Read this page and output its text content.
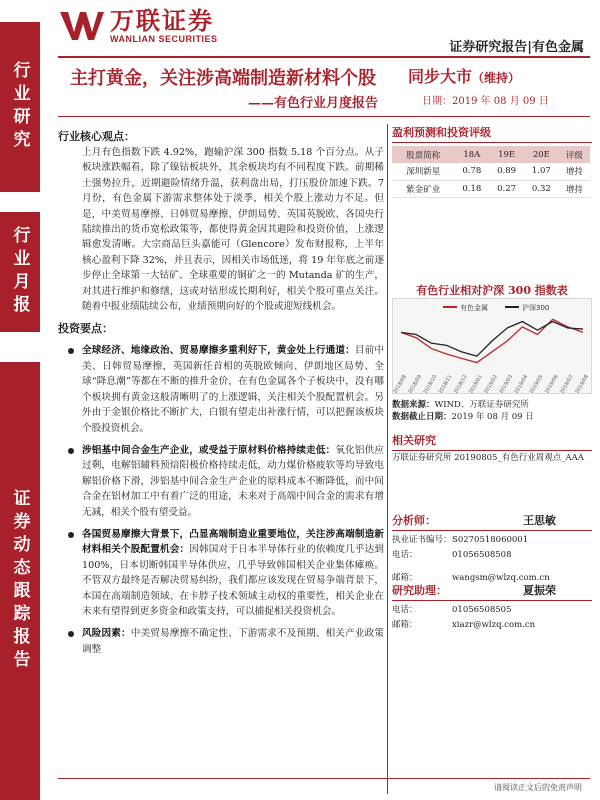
万联证券
WANLIAN SECURITIES
证券研究报告|有色金属
行业研究
行业月报
证券动态跟踪报告
主打黄金，关注涉高端制造新材料个股
——有色行业月度报告
同步大市（维持）
日期：2019 年 08 月 09 日
行业核心观点：
上月有色指数下跌 4.92%，跑输沪深 300 指数 5.18 个百分点。从子板块涨跌幅看，除了镍钴板块外，其余板块均有不同程度下跌。前期稀土强势拉升，近期避险情绪升温，获利盘出局，打压股价加速下跌。7 月份，有色金属下游需求整体处于淡季，相关个股上涨动力不足。但是，中美贸易摩擦、日韩贸易摩擦、伊朗局势、英国英脱欧、各国央行陆续推出的货币宽松政策等，都使得黄金因其避险和投资价值，上涨逻辑愈发清晰。大宗商品巨头嘉能可（Glencore）发布财报称，上半年核心盈利下降 32%，并且表示，因相关市场低迷，将 19 年年底之前逐步停止全球第一大钴矿、全球重要的铜矿之一的 Mutanda 矿的生产，对其进行维护和修缮，这或对钴形成长期利好，相关个股可重点关注。随着中报业绩陆续公布，业绩预期向好的个股或迎短线机会。
投资要点：
全球经济、地缘政治、贸易摩擦多重利好下，黄金处上行通道：目前中美、日韩贸易摩擦，英国新任首相的英脱欧倾向、伊朗地区局势、全球“降息潮”等都在不断的推升金价，在有色金属各个子板块中，没有哪个板块拥有黄金这般清晰明了的上涨逻辑，关注相关个股配置机会。另外由于金银价格比不断扩大，白银有望走出补涨行情，可以把握该板块个股投资机会。
涉铝基中间合金生产企业，或受益于原材料价格持续走低：氧化铝供应过剩，电解铝辅料预焙阳极价格持续走低，动力煤价格疲软等均导致电解铝价格下滑，涉铝基中间合金生产企业的原料成本不断降低，而中间合金在铝材加工中有着广泛的用途，未来对于高端中间合金的需求有增无减，相关个股有望受益。
各国贸易摩擦大背景下，凸显高端制造业重要地位，关注涉高端制造新材料相关个股配置机会：因韩国对于日本半导体行业的依赖度几乎达到 100%，日本切断韩国半导体供应，几乎导致韩国相关企业集体瘫痪。不管双方最终是否解决贸易纠纷，我们都应该发现在贸易争端背景下，本国在高端制造领域、在卡脖子技术领域主动权的重要性，相关企业在未来有望得到更多资金和政策支持，可以捕捉相关投资机会。
风险因素：中美贸易摩擦不确定性、下游需求不及预期、相关产业政策调整
盈利预测和投资评级
股票简称	18A	19E	20E	评级
深圳新星	0.78	0.89	1.07	增持
紫金矿业	0.18	0.27	0.32	增持
有色行业相对沪深 300 指数表
有色金属	沪深300
2018/08 2018/09 2018/10 2018/11 2018/12 2019/01 2019/02 2019/03 2019/04 2019/05 2019/06 2019/07 2019/08
数据来源：WIND、万联证券研究所
数据截止日期：2019 年 08 月 09 日
相关研究
万联证券研究所 20190805_有色行业周观点_AAA
分析师：	王思敏
执业证书编号： S0270518060001
电话：	01056508508
邮箱：	wangsm@wlzq.com.cn
研究助理：	夏振荣
电话：	01056508505
邮箱：	xiazr@wlzq.com.cn
请阅读正文后的免责声明
